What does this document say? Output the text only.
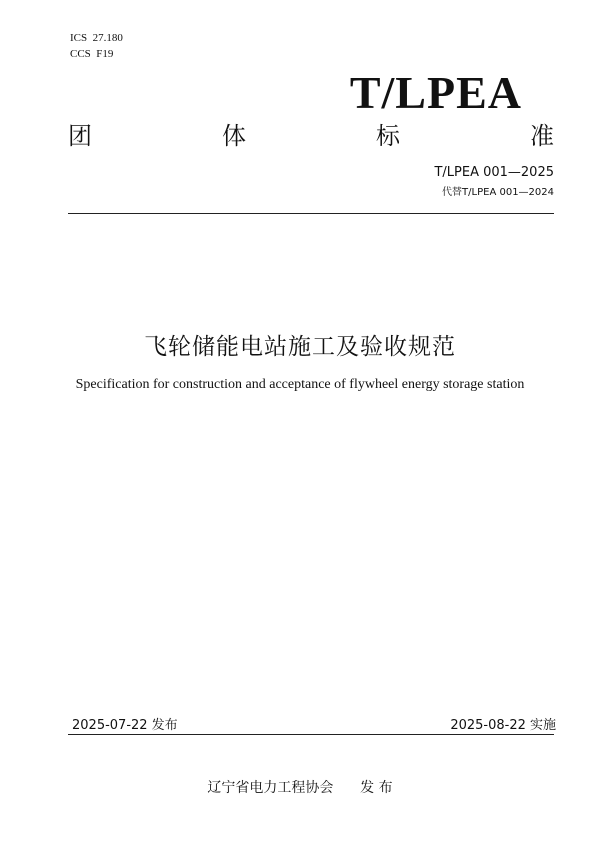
ICS  27.180
CCS  F19
T/LPEA
团	体	标	准
T/LPEA 001—2025
代替T/LPEA 001—2024
飞轮储能电站施工及验收规范
Specification for construction and acceptance of flywheel energy storage station
2025-07-22 发布	2025-08-22 实施
辽宁省电力工程协会      发 布
